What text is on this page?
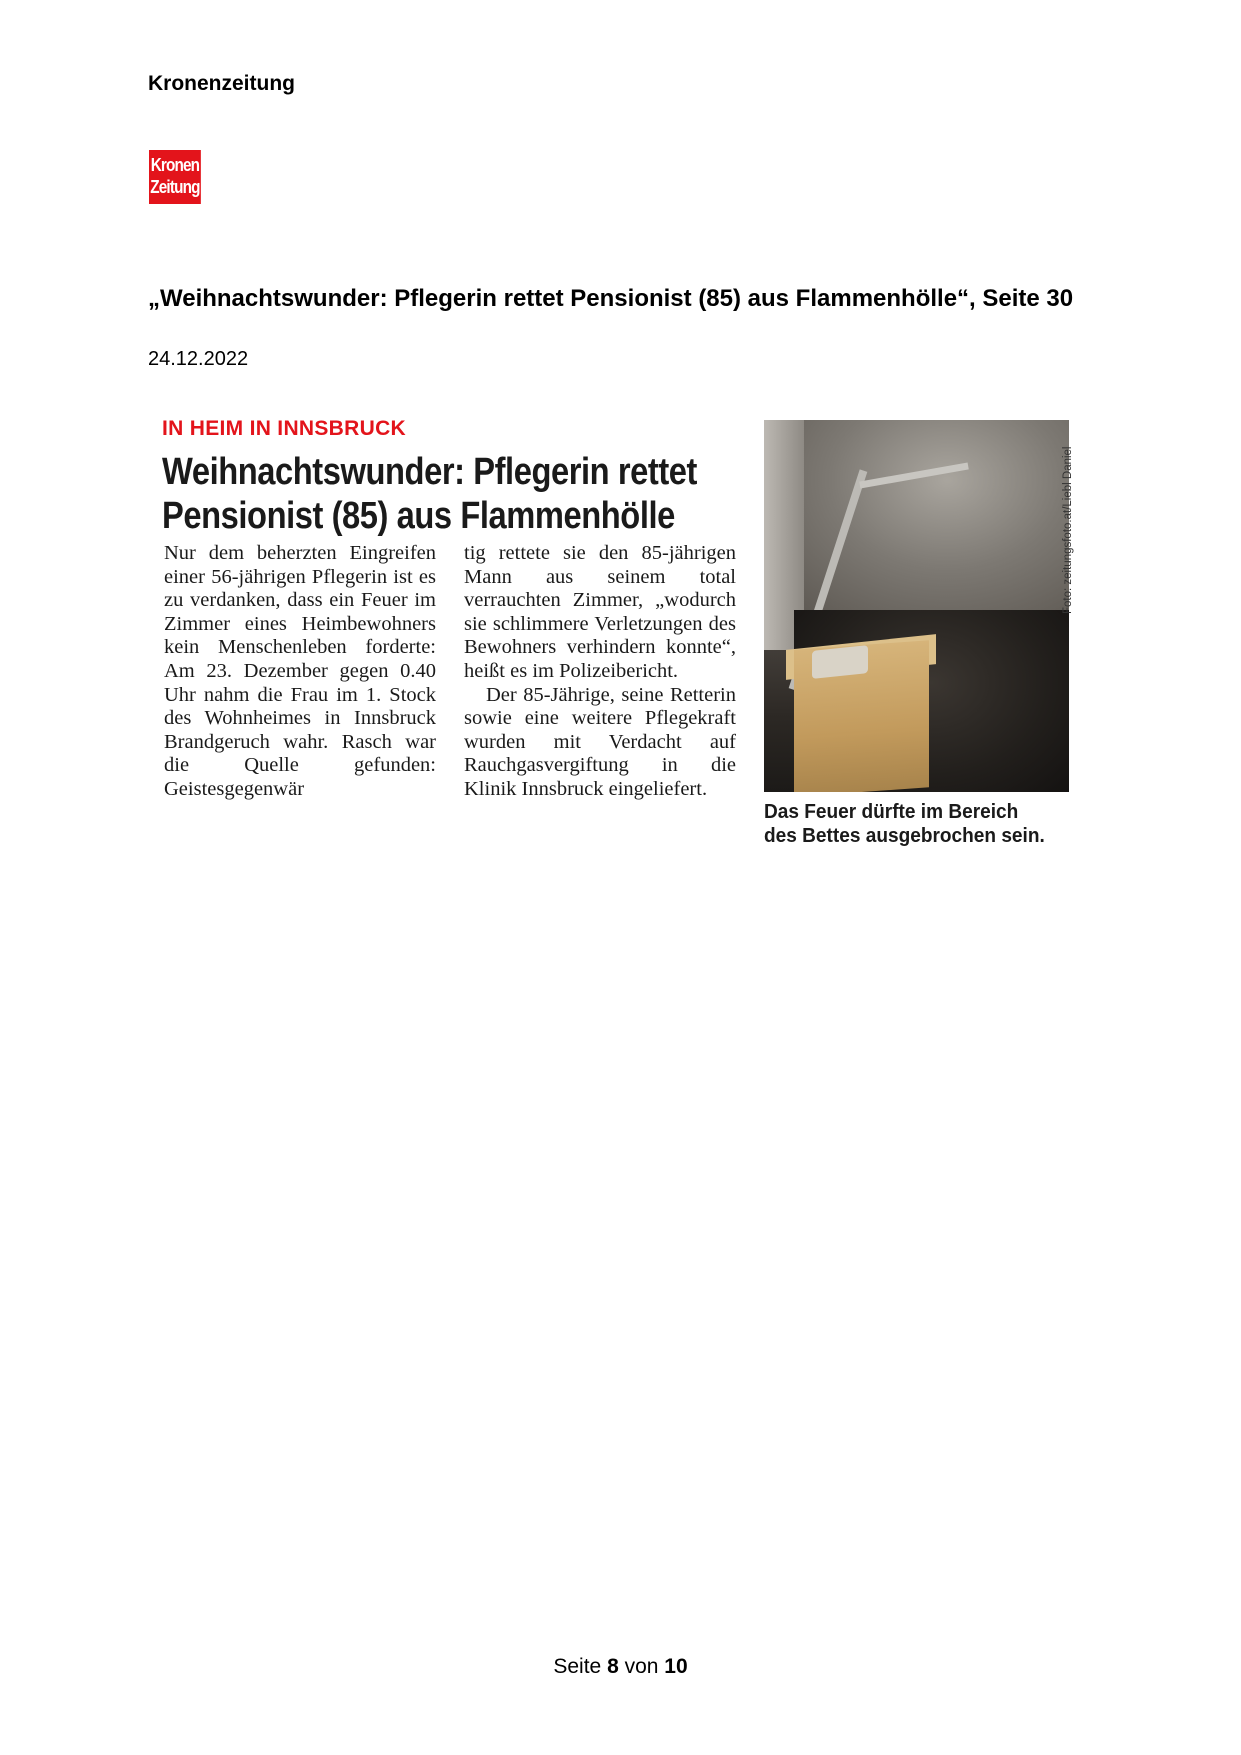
Kronenzeitung
Kronen
Zeitung
„Weihnachtswunder: Pflegerin rettet Pensionist (85) aus Flammenhölle“, Seite 30
24.12.2022
IN HEIM IN INNSBRUCK
Weihnachtswunder: Pflegerin rettet Pensionist (85) aus Flammenhölle

Nur dem beherzten Eingreifen einer 56-jährigen Pflegerin ist es zu verdanken, dass ein Feuer im Zimmer eines Heimbewohners kein Menschenleben forderte: Am 23. Dezember gegen 0.40 Uhr nahm die Frau im 1. Stock des Wohnheimes in Innsbruck Brandgeruch wahr. Rasch war die Quelle gefunden: Geistesgegenwär

tig rettete sie den 85-jährigen Mann aus seinem total verrauchten Zimmer, „wodurch sie schlimmere Verletzungen des Bewohners verhindern konnte“, heißt es im Polizeibericht.

Der 85-Jährige, seine Retterin sowie eine weitere Pflegekraft wurden mit Verdacht auf Rauchgasvergiftung in die Klinik Innsbruck eingeliefert.

Foto: zeitungsfoto.at/Liebl Daniel
Das Feuer dürfte im Bereich des Bettes ausgebrochen sein.
Seite 8 von 10
